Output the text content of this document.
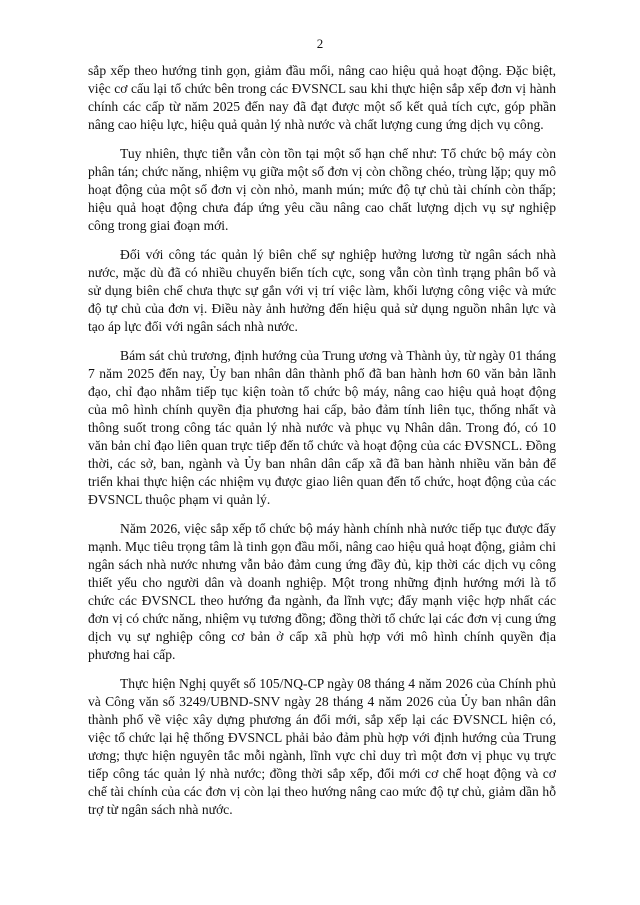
2

sắp xếp theo hướng tinh gọn, giảm đầu mối, nâng cao hiệu quả hoạt động. Đặc biệt, việc cơ cấu lại tổ chức bên trong các ĐVSNCL sau khi thực hiện sắp xếp đơn vị hành chính các cấp từ năm 2025 đến nay đã đạt được một số kết quả tích cực, góp phần nâng cao hiệu lực, hiệu quả quản lý nhà nước và chất lượng cung ứng dịch vụ công.

Tuy nhiên, thực tiễn vẫn còn tồn tại một số hạn chế như: Tổ chức bộ máy còn phân tán; chức năng, nhiệm vụ giữa một số đơn vị còn chồng chéo, trùng lặp; quy mô hoạt động của một số đơn vị còn nhỏ, manh mún; mức độ tự chủ tài chính còn thấp; hiệu quả hoạt động chưa đáp ứng yêu cầu nâng cao chất lượng dịch vụ sự nghiệp công trong giai đoạn mới.

Đối với công tác quản lý biên chế sự nghiệp hưởng lương từ ngân sách nhà nước, mặc dù đã có nhiều chuyển biến tích cực, song vẫn còn tình trạng phân bổ và sử dụng biên chế chưa thực sự gắn với vị trí việc làm, khối lượng công việc và mức độ tự chủ của đơn vị. Điều này ảnh hưởng đến hiệu quả sử dụng nguồn nhân lực và tạo áp lực đối với ngân sách nhà nước.

Bám sát chủ trương, định hướng của Trung ương và Thành ủy, từ ngày 01 tháng 7 năm 2025 đến nay, Ủy ban nhân dân thành phố đã ban hành hơn 60 văn bản lãnh đạo, chỉ đạo nhằm tiếp tục kiện toàn tổ chức bộ máy, nâng cao hiệu quả hoạt động của mô hình chính quyền địa phương hai cấp, bảo đảm tính liên tục, thống nhất và thông suốt trong công tác quản lý nhà nước và phục vụ Nhân dân. Trong đó, có 10 văn bản chỉ đạo liên quan trực tiếp đến tổ chức và hoạt động của các ĐVSNCL. Đồng thời, các sở, ban, ngành và Ủy ban nhân dân cấp xã đã ban hành nhiều văn bản để triển khai thực hiện các nhiệm vụ được giao liên quan đến tổ chức, hoạt động của các ĐVSNCL thuộc phạm vi quản lý.

Năm 2026, việc sắp xếp tổ chức bộ máy hành chính nhà nước tiếp tục được đẩy mạnh. Mục tiêu trọng tâm là tinh gọn đầu mối, nâng cao hiệu quả hoạt động, giảm chi ngân sách nhà nước nhưng vẫn bảo đảm cung ứng đầy đủ, kịp thời các dịch vụ công thiết yếu cho người dân và doanh nghiệp. Một trong những định hướng mới là tổ chức các ĐVSNCL theo hướng đa ngành, đa lĩnh vực; đẩy mạnh việc hợp nhất các đơn vị có chức năng, nhiệm vụ tương đồng; đồng thời tổ chức lại các đơn vị cung ứng dịch vụ sự nghiệp công cơ bản ở cấp xã phù hợp với mô hình chính quyền địa phương hai cấp.

Thực hiện Nghị quyết số 105/NQ-CP ngày 08 tháng 4 năm 2026 của Chính phủ và Công văn số 3249/UBND-SNV ngày 28 tháng 4 năm 2026 của Ủy ban nhân dân thành phố về việc xây dựng phương án đổi mới, sắp xếp lại các ĐVSNCL hiện có, việc tổ chức lại hệ thống ĐVSNCL phải bảo đảm phù hợp với định hướng của Trung ương; thực hiện nguyên tắc mỗi ngành, lĩnh vực chỉ duy trì một đơn vị phục vụ trực tiếp công tác quản lý nhà nước; đồng thời sắp xếp, đổi mới cơ chế hoạt động và cơ chế tài chính của các đơn vị còn lại theo hướng nâng cao mức độ tự chủ, giảm dần hỗ trợ từ ngân sách nhà nước.
